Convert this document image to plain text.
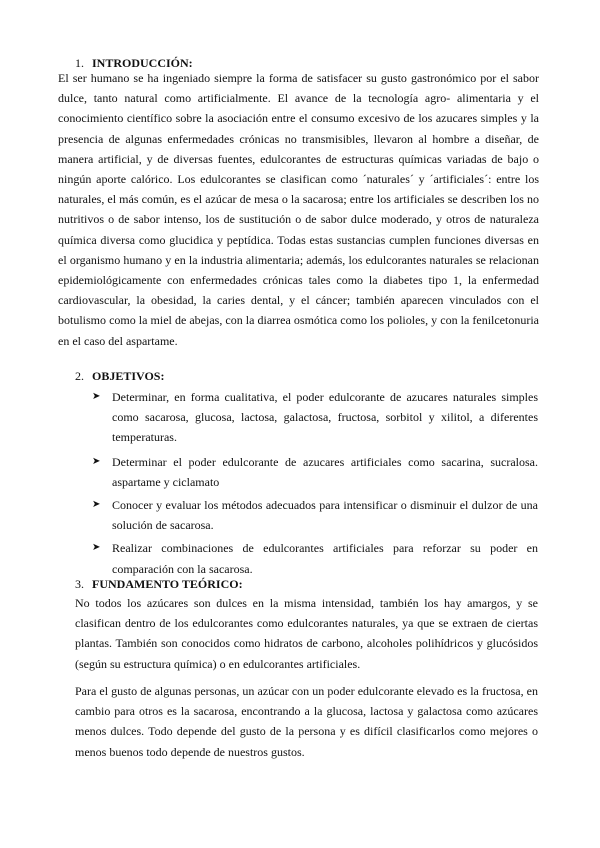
1. INTRODUCCIÓN:

El ser humano se ha ingeniado siempre la forma de satisfacer su gusto gastronómico por el sabor dulce, tanto natural como artificialmente. El avance de la tecnología agro- alimentaria y el conocimiento científico sobre la asociación entre el consumo excesivo de los azucares simples y la presencia de algunas enfermedades crónicas no transmisibles, llevaron al hombre a diseñar, de manera artificial, y de diversas fuentes, edulcorantes de estructuras químicas variadas de bajo o ningún aporte calórico. Los edulcorantes se clasifican como ´naturales´ y ´artificiales´: entre los naturales, el más común, es el azúcar de mesa o la sacarosa; entre los artificiales se describen los no nutritivos o de sabor intenso, los de sustitución o de sabor dulce moderado, y otros de naturaleza química diversa como glucidica y peptídica. Todas estas sustancias cumplen funciones diversas en el organismo humano y en la industria alimentaria; además, los edulcorantes naturales se relacionan epidemiológicamente con enfermedades crónicas tales como la diabetes tipo 1, la enfermedad cardiovascular, la obesidad, la caries dental, y el cáncer; también aparecen vinculados con el botulismo como la miel de abejas, con la diarrea osmótica como los polioles, y con la fenilcetonuria en el caso del aspartame.

2. OBJETIVOS:
➤ Determinar, en forma cualitativa, el poder edulcorante de azucares naturales simples como sacarosa, glucosa, lactosa, galactosa, fructosa, sorbitol y xilitol, a diferentes temperaturas.
➤ Determinar el poder edulcorante de azucares artificiales como sacarina, sucralosa. aspartame y ciclamato
➤ Conocer y evaluar los métodos adecuados para intensificar o disminuir el dulzor de una solución de sacarosa.
➤ Realizar combinaciones de edulcorantes artificiales para reforzar su poder en comparación con la sacarosa.
3. FUNDAMENTO TEÓRICO:

No todos los azúcares son dulces en la misma intensidad, también los hay amargos, y se clasifican dentro de los edulcorantes como edulcorantes naturales, ya que se extraen de ciertas plantas. También son conocidos como hidratos de carbono, alcoholes polihídricos y glucósidos (según su estructura química) o en edulcorantes artificiales.

Para el gusto de algunas personas, un azúcar con un poder edulcorante elevado es la fructosa, en cambio para otros es la sacarosa, encontrando a la glucosa, lactosa y galactosa como azúcares menos dulces. Todo depende del gusto de la persona y es difícil clasificarlos como mejores o menos buenos todo depende de nuestros gustos.
